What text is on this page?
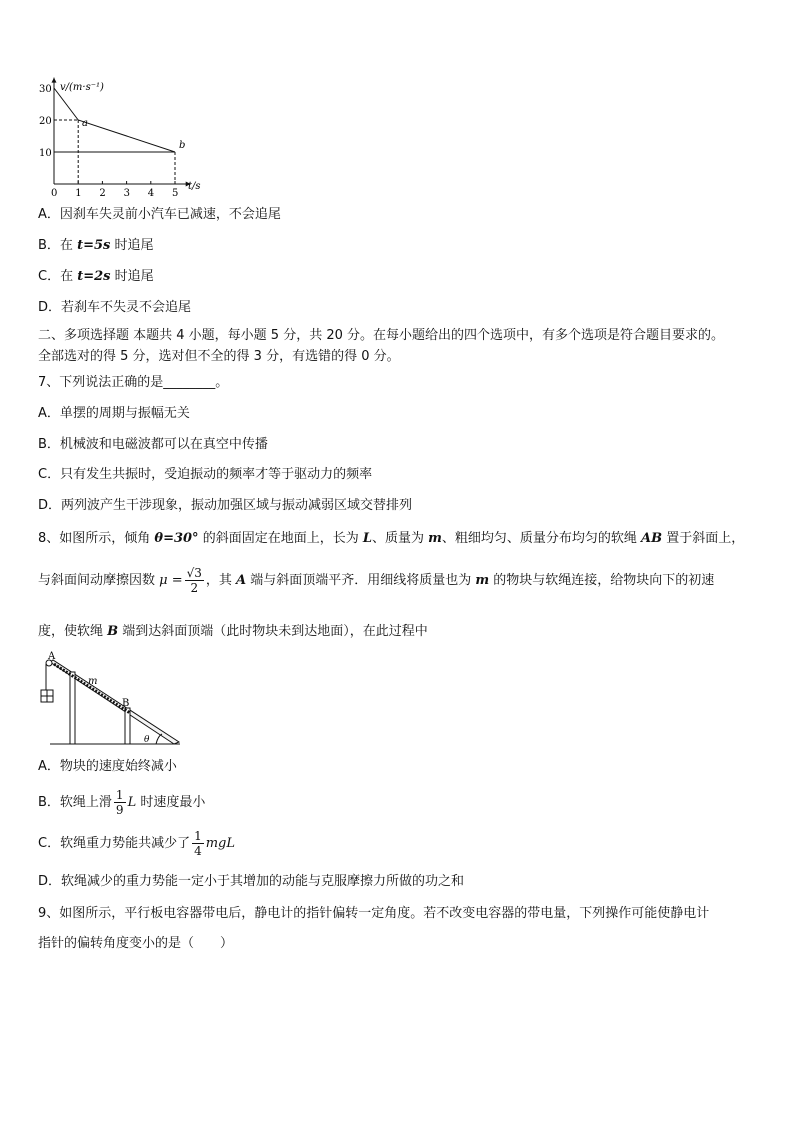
0 1 2 3 4 5
30
20
10
v/(m·s⁻¹)
t/s
a
b
A．因刹车失灵前小汽车已减速，不会追尾
B．在 t=5s 时追尾
C．在 t=2s 时追尾
D．若刹车不失灵不会追尾
二、多项选择题 本题共 4 小题，每小题 5 分，共 20 分。在每小题给出的四个选项中，有多个选项是符合题目要求的。
全部选对的得 5 分，选对但不全的得 3 分，有选错的得 0 分。
7、下列说法正确的是________。
A．单摆的周期与振幅无关
B．机械波和电磁波都可以在真空中传播
C．只有发生共振时，受迫振动的频率才等于驱动力的频率
D．两列波产生干涉现象，振动加强区域与振动减弱区域交替排列
8、如图所示，倾角 θ=30° 的斜面固定在地面上，长为 L、质量为 m、粗细均匀、质量分布均匀的软绳 AB 置于斜面上，
与斜面间动摩擦因数 $\mu = \frac{√3}{2}$ ，其 A 端与斜面顶端平齐．用细线将质量也为 m 的物块与软绳连接，给物块向下的初速
度，使软绳 B 端到达斜面顶端（此时物块未到达地面），在此过程中
A
m
B
θ
A．物块的速度始终减小
B．软绳上滑 $\frac{1}{9}$ L 时速度最小
C．软绳重力势能共减少了 $\frac{1}{4}$ mgL
D．软绳减少的重力势能一定小于其增加的动能与克服摩擦力所做的功之和
9、如图所示，平行板电容器带电后，静电计的指针偏转一定角度。若不改变电容器的带电量，下列操作可能使静电计
指针的偏转角度变小的是（　　）
